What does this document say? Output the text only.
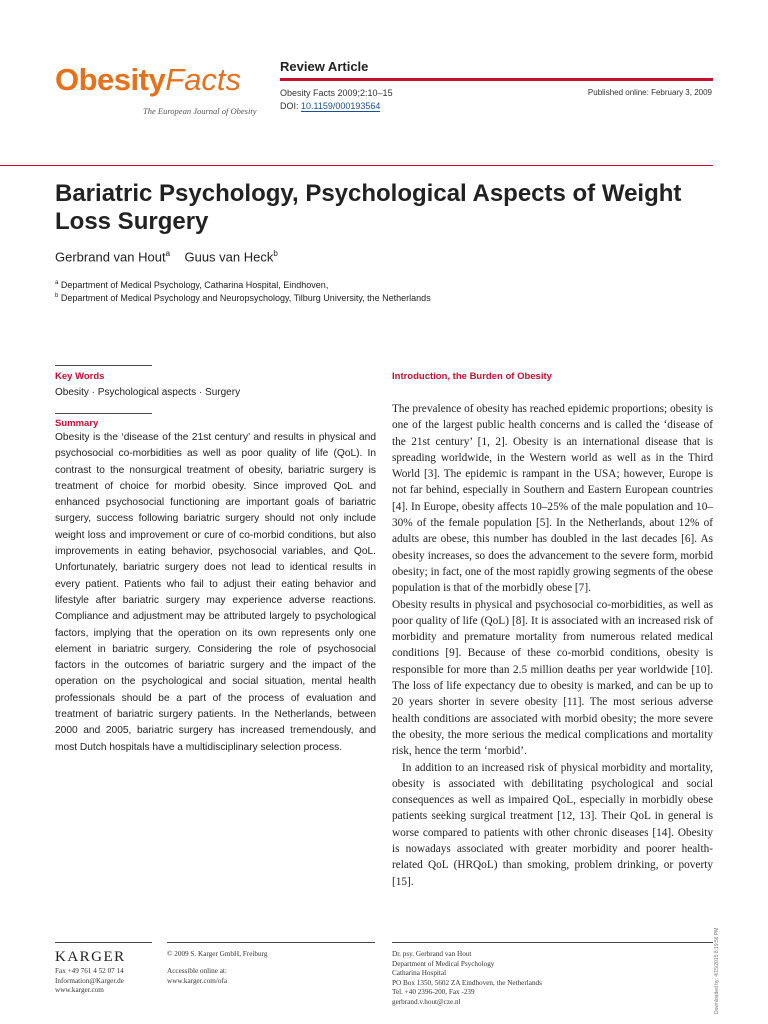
ObesityFacts
The European Journal of Obesity
Review Article
Obesity Facts 2009;2:10–15
DOI: 10.1159/000193564
Published online: February 3, 2009
Bariatric Psychology, Psychological Aspects of Weight Loss Surgery
Gerbrand van Hout$^a$ Guus van Heck$^b$
$^a$ Department of Medical Psychology, Catharina Hospital, Eindhoven,
$^b$ Department of Medical Psychology and Neuropsychology, Tilburg University, the Netherlands
Key Words
Obesity · Psychological aspects · Surgery
Summary
Obesity is the ‘disease of the 21st century’ and results in physical and psychosocial co-morbidities as well as poor quality of life (QoL). In contrast to the nonsurgical treatment of obesity, bariatric surgery is treatment of choice for morbid obesity. Since improved QoL and enhanced psychosocial functioning are important goals of bariatric surgery, success following bariatric surgery should not only include weight loss and improvement or cure of co-morbid conditions, but also improvements in eating behavior, psychosocial variables, and QoL. Unfortunately, bariatric surgery does not lead to identical results in every patient. Patients who fail to adjust their eating behavior and lifestyle after bariatric surgery may experience adverse reactions. Compliance and adjustment may be attributed largely to psychological factors, implying that the operation on its own represents only one element in bariatric surgery. Considering the role of psychosocial factors in the outcomes of bariatric surgery and the impact of the operation on the psychological and social situation, mental health professionals should be a part of the process of evaluation and treatment of bariatric surgery patients. In the Netherlands, between 2000 and 2005, bariatric surgery has increased tremendously, and most Dutch hospitals have a multidisciplinary selection process.
Introduction, the Burden of Obesity

The prevalence of obesity has reached epidemic proportions; obesity is one of the largest public health concerns and is called the ‘disease of the 21st century’ [1, 2]. Obesity is an international disease that is spreading worldwide, in the Western world as well as in the Third World [3]. The epidemic is rampant in the USA; however, Europe is not far behind, especially in Southern and Eastern European countries [4]. In Europe, obesity affects 10–25% of the male population and 10–30% of the female population [5]. In the Netherlands, about 12% of adults are obese, this number has doubled in the last decades [6]. As obesity increases, so does the advancement to the severe form, morbid obesity; in fact, one of the most rapidly growing segments of the obese population is that of the morbidly obese [7].

Obesity results in physical and psychosocial co-morbidities, as well as poor quality of life (QoL) [8]. It is associated with an increased risk of morbidity and premature mortality from numerous related medical conditions [9]. Because of these co-morbid conditions, obesity is responsible for more than 2.5 million deaths per year worldwide [10]. The loss of life expectancy due to obesity is marked, and can be up to 20 years shorter in severe obesity [11]. The most serious adverse health conditions are associated with morbid obesity; the more severe the obesity, the more serious the medical complications and mortality risk, hence the term ‘morbid’.

In addition to an increased risk of physical morbidity and mortality, obesity is associated with debilitating psychological and social consequences as well as impaired QoL, especially in morbidly obese patients seeking surgical treatment [12, 13]. Their QoL in general is worse compared to patients with other chronic diseases [14]. Obesity is nowadays associated with greater morbidity and poorer health-related QoL (HRQoL) than smoking, problem drinking, or poverty [15].

KARGER
Fax +49 761 4 52 07 14
Information@Karger.de
www.karger.com
© 2009 S. Karger GmbH, Freiburg
Accessible online at:
www.karger.com/ofa
Dr. psy. Gerbrand van Hout
Department of Medical Psychology
Catharina Hospital
PO Box 1350, 5602 ZA Eindhoven, the Netherlands
Tel. +40 2396-200, Fax -239
gerbrand.v.hout@cze.nl	Downloaded by: 4/15/2015 8:19:56 PM
